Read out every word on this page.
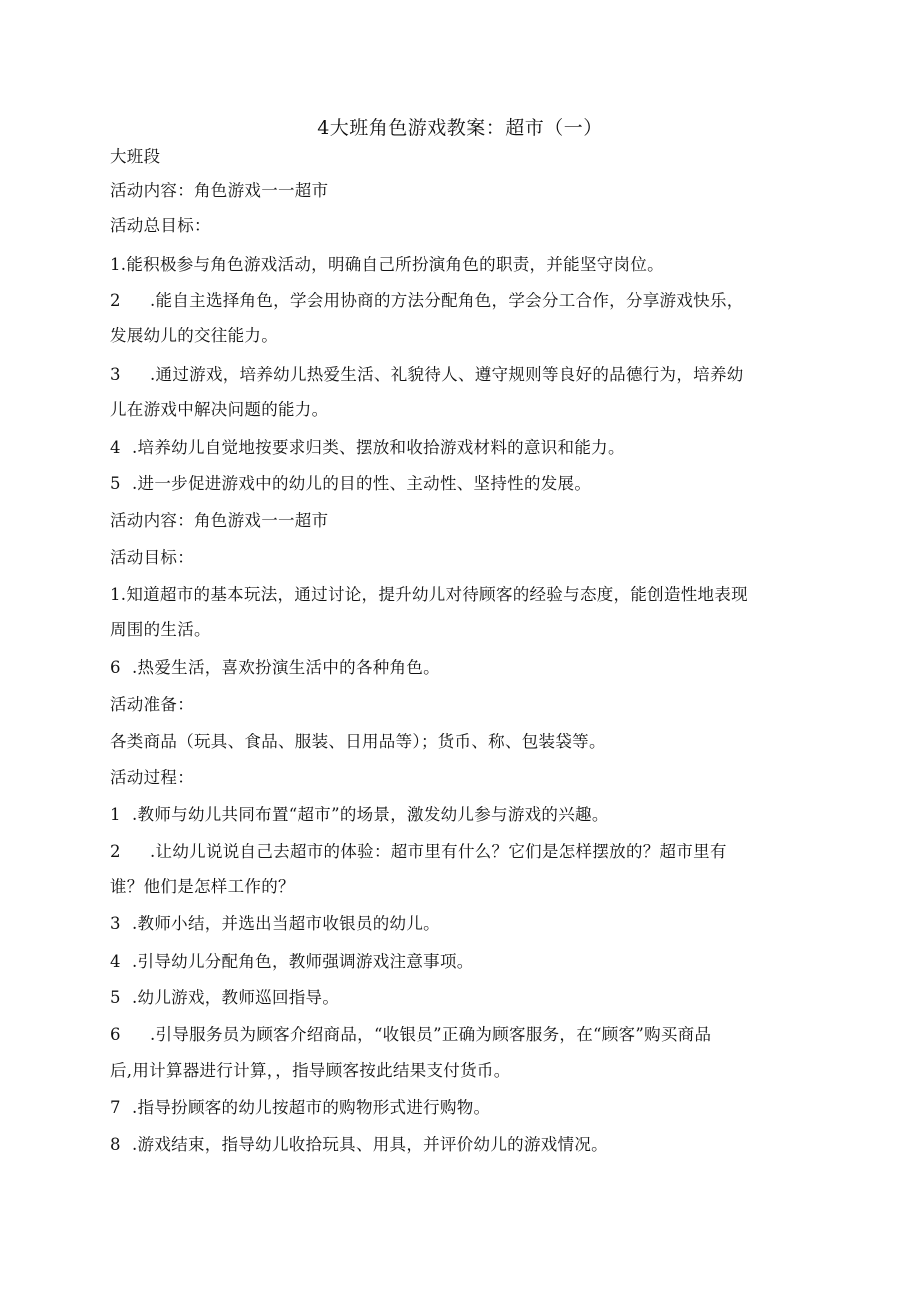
4大班角色游戏教案：超市（一）
大班段
活动内容：角色游戏一一超市
活动总目标：
1.能积极参与角色游戏活动，明确自己所扮演角色的职责，并能坚守岗位。
2 .能自主选择角色，学会用协商的方法分配角色，学会分工合作，分享游戏快乐，
发展幼儿的交往能力。
3 .通过游戏，培养幼儿热爱生活、礼貌待人、遵守规则等良好的品德行为，培养幼
儿在游戏中解决问题的能力。
4 .培养幼儿自觉地按要求归类、摆放和收拾游戏材料的意识和能力。
5 .进一步促进游戏中的幼儿的目的性、主动性、坚持性的发展。
活动内容：角色游戏一一超市
活动目标：
1.知道超市的基本玩法，通过讨论，提升幼儿对待顾客的经验与态度，能创造性地表现
周围的生活。
6 .热爱生活，喜欢扮演生活中的各种角色。
活动准备：
各类商品（玩具、食品、服装、日用品等）；货币、称、包装袋等。
活动过程：
1 .教师与幼儿共同布置“超市”的场景，激发幼儿参与游戏的兴趣。
2 .让幼儿说说自己去超市的体验：超市里有什么？它们是怎样摆放的？超市里有
谁？他们是怎样工作的？
3 .教师小结，并选出当超市收银员的幼儿。
4 .引导幼儿分配角色，教师强调游戏注意事项。
5 .幼儿游戏，教师巡回指导。
6 .引导服务员为顾客介绍商品，“收银员”正确为顾客服务，在“顾客”购买商品
后,用计算器进行计算，，指导顾客按此结果支付货币。
7 .指导扮顾客的幼儿按超市的购物形式进行购物。
8 .游戏结束，指导幼儿收拾玩具、用具，并评价幼儿的游戏情况。
